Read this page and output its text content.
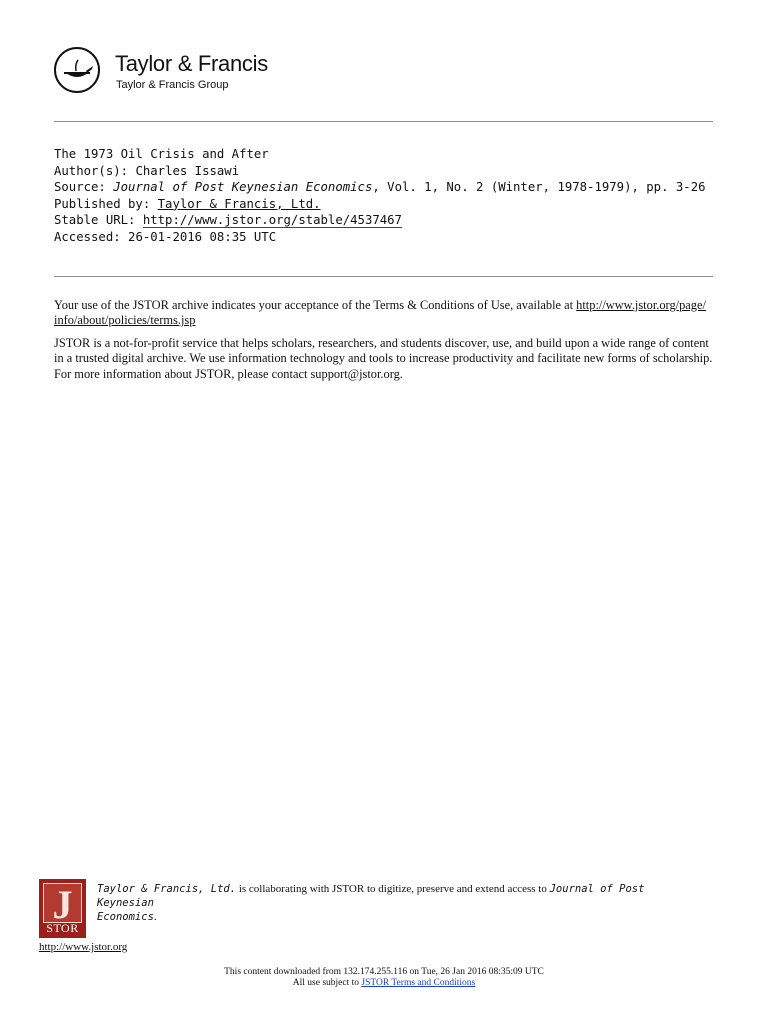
Taylor & Francis
Taylor & Francis Group
The 1973 Oil Crisis and After
Author(s): Charles Issawi
Source: Journal of Post Keynesian Economics, Vol. 1, No. 2 (Winter, 1978-1979), pp. 3-26
Published by: Taylor & Francis, Ltd.
Stable URL: http://www.jstor.org/stable/4537467
Accessed: 26-01-2016 08:35 UTC

Your use of the JSTOR archive indicates your acceptance of the Terms & Conditions of Use, available at http://www.jstor.org/page/
info/about/policies/terms.jsp

JSTOR is a not-for-profit service that helps scholars, researchers, and students discover, use, and build upon a wide range of content
in a trusted digital archive. We use information technology and tools to increase productivity and facilitate new forms of scholarship.
For more information about JSTOR, please contact support@jstor.org.

J
STOR
http://www.jstor.org
Taylor & Francis, Ltd. is collaborating with JSTOR to digitize, preserve and extend access to Journal of Post Keynesian
Economics.
This content downloaded from 132.174.255.116 on Tue, 26 Jan 2016 08:35:09 UTC
All use subject to JSTOR Terms and Conditions
